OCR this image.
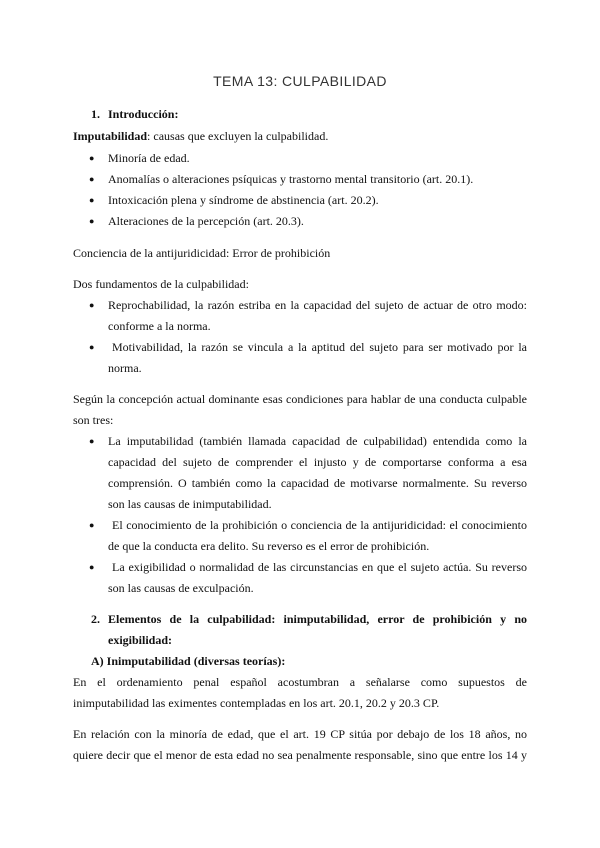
TEMA 13: CULPABILIDAD
1. Introducción:
Imputabilidad: causas que excluyen la culpabilidad.
● Minoría de edad.
● Anomalías o alteraciones psíquicas y trastorno mental transitorio (art. 20.1).
● Intoxicación plena y síndrome de abstinencia (art. 20.2).
● Alteraciones de la percepción (art. 20.3).
Conciencia de la antijuridicidad: Error de prohibición
Dos fundamentos de la culpabilidad:
● Reprochabilidad, la razón estriba en la capacidad del sujeto de actuar de otro modo:
conforme a la norma.
● Motivabilidad, la razón se vincula a la aptitud del sujeto para ser motivado por la
norma.
Según la concepción actual dominante esas condiciones para hablar de una conducta culpable
son tres:
● La imputabilidad (también llamada capacidad de culpabilidad) entendida como la
capacidad del sujeto de comprender el injusto y de comportarse conforma a esa
comprensión. O también como la capacidad de motivarse normalmente. Su reverso
son las causas de inimputabilidad.
● El conocimiento de la prohibición o conciencia de la antijuridicidad: el conocimiento
de que la conducta era delito. Su reverso es el error de prohibición.
● La exigibilidad o normalidad de las circunstancias en que el sujeto actúa. Su reverso
son las causas de exculpación.
2. Elementos de la culpabilidad: inimputabilidad, error de prohibición y no
exigibilidad:
A) Inimputabilidad (diversas teorías):
En el ordenamiento penal español acostumbran a señalarse como supuestos de
inimputabilidad las eximentes contempladas en los art. 20.1, 20.2 y 20.3 CP.
En relación con la minoría de edad, que el art. 19 CP sitúa por debajo de los 18 años, no
quiere decir que el menor de esta edad no sea penalmente responsable, sino que entre los 14 y
